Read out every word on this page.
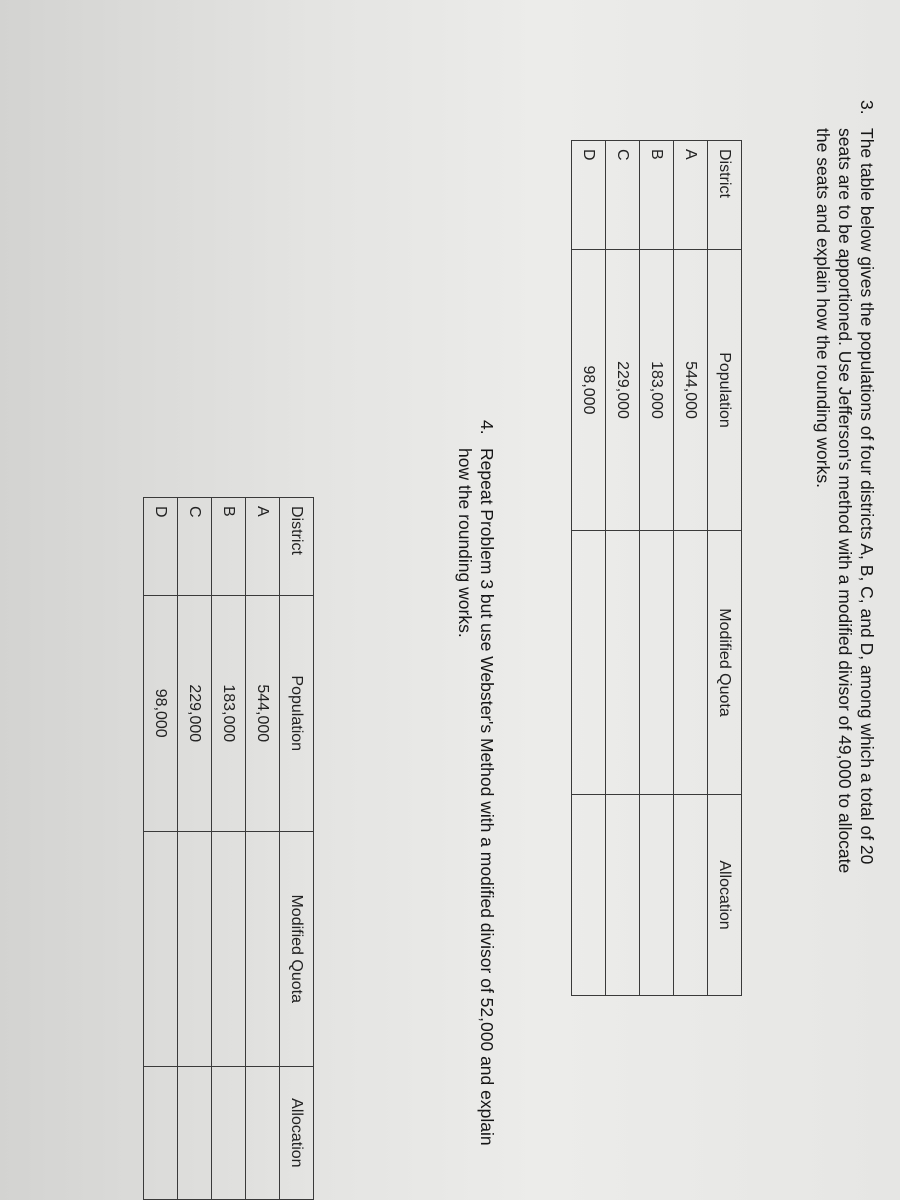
3.
The table below gives the populations of four districts A, B, C, and D, among which a total of 20 seats are to be apportioned. Use Jefferson's method with a modified divisor of 49,000 to allocate the seats and explain how the rounding works.
District	Population	Modified Quota	Allocation
A	544,000		
B	183,000		
C	229,000		
D	98,000		
4.
Repeat Problem 3 but use Webster's Method with a modified divisor of 52,000 and explain how the rounding works.
District	Population	Modified Quota	Allocation
A	544,000		
B	183,000		
C	229,000		
D	98,000		
